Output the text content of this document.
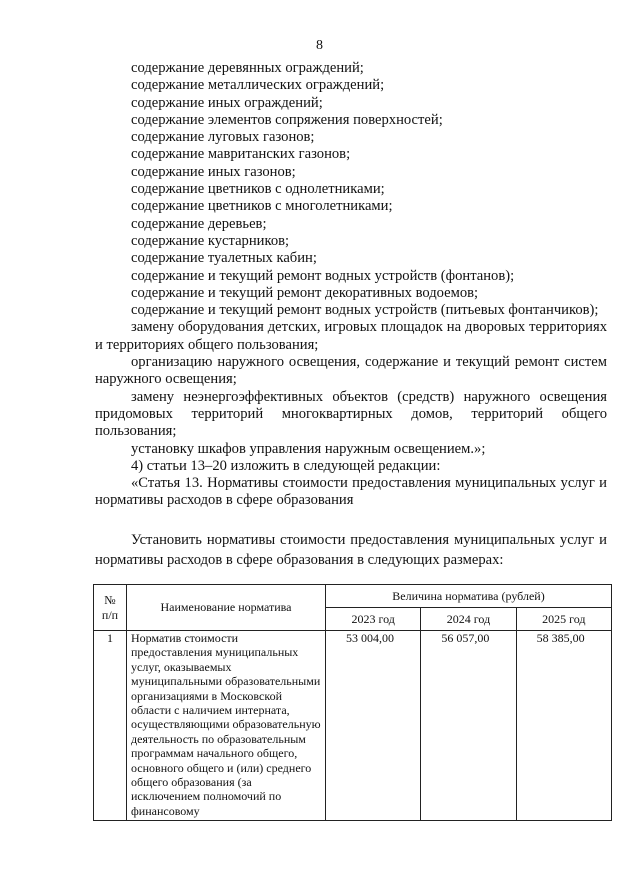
8
содержание деревянных ограждений;
содержание металлических ограждений;
содержание иных ограждений;
содержание элементов сопряжения поверхностей;
содержание луговых газонов;
содержание мавританских газонов;
содержание иных газонов;
содержание цветников с однолетниками;
содержание цветников с многолетниками;
содержание деревьев;
содержание кустарников;
содержание туалетных кабин;
содержание и текущий ремонт водных устройств (фонтанов);
содержание и текущий ремонт декоративных водоемов;
содержание и текущий ремонт водных устройств (питьевых фонтанчиков);
замену оборудования детских, игровых площадок на дворовых территориях и территориях общего пользования;
организацию наружного освещения, содержание и текущий ремонт систем наружного освещения;
замену неэнергоэффективных объектов (средств) наружного освещения придомовых территорий многоквартирных домов, территорий общего пользования;
установку шкафов управления наружным освещением.»;
4) статьи 13–20 изложить в следующей редакции:
«Статья 13. Нормативы стоимости предоставления муниципальных услуг и нормативы расходов в сфере образования

Установить нормативы стоимости предоставления муниципальных услуг и нормативы расходов в сфере образования в следующих размерах:

№ п/п	Наименование норматива	Величина норматива (рублей)		
		2023 год	2024 год	2025 год
1	Норматив стоимости предоставления муниципальных услуг, оказываемых муниципальными образовательными организациями в Московской области с наличием интерната, осуществляющими образовательную деятельность по образовательным программам начального общего, основного общего и (или) среднего общего образования (за исключением полномочий по финансовому	53 004,00	56 057,00	58 385,00
